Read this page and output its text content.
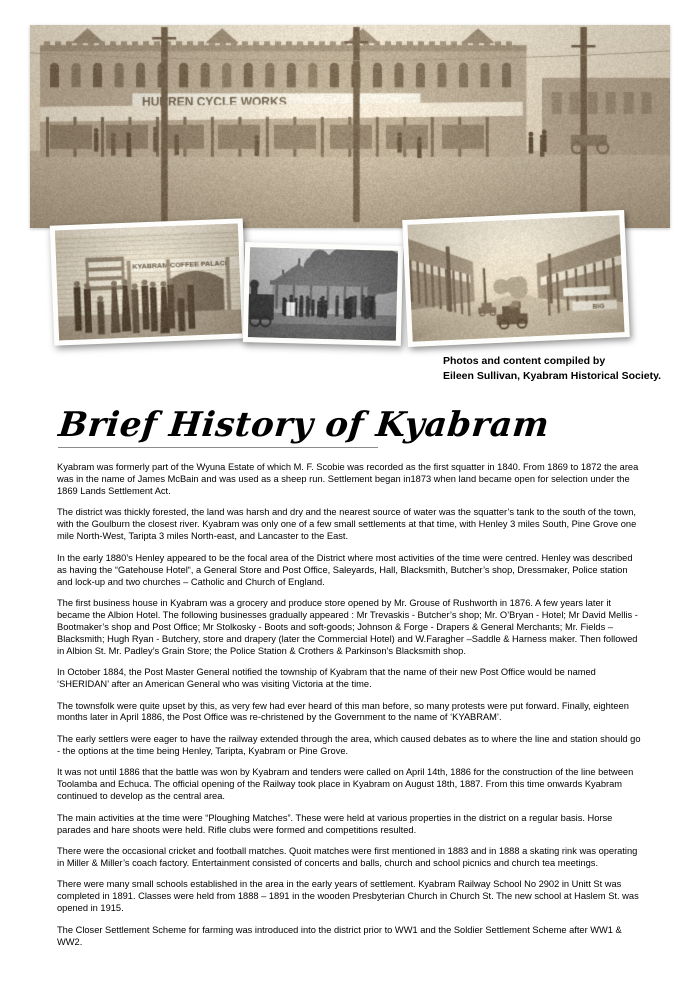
Photos and content compiled by
Eileen Sullivan, Kyabram Historical Society.
Brief History of Kyabram

Kyabram was formerly part of the Wyuna Estate of which M. F. Scobie was recorded as the first squatter in 1840. From 1869 to 1872 the area was in the name of James McBain and was used as a sheep run. Settlement began in1873 when land became open for selection under the 1869 Lands Settlement Act.

The district was thickly forested, the land was harsh and dry and the nearest source of water was the squatter’s tank to the south of the town, with the Goulburn the closest river. Kyabram was only one of a few small settlements at that time, with Henley 3 miles South, Pine Grove one mile North-West, Taripta 3 miles North-east, and Lancaster to the East.

In the early 1880’s Henley appeared to be the focal area of the District where most activities of the time were centred. Henley was described as having the “Gatehouse Hotel“, a General Store and Post Office, Saleyards, Hall, Blacksmith, Butcher’s shop, Dressmaker, Police station and lock-up and two churches – Catholic and Church of England.

The first business house in Kyabram was a grocery and produce store opened by Mr. Grouse of Rushworth in 1876. A few years later it became the Albion Hotel. The following businesses gradually appeared : Mr Trevaskis - Butcher’s shop; Mr. O’Bryan - Hotel; Mr David Mellis - Bootmaker’s shop and Post Office; Mr Stolkosky - Boots and soft-goods; Johnson & Forge - Drapers & General Merchants; Mr. Fields – Blacksmith; Hugh Ryan - Butchery, store and drapery (later the Commercial Hotel) and W.Faragher –Saddle & Harness maker. Then followed in Albion St. Mr. Padley’s Grain Store; the Police Station & Crothers & Parkinson’s Blacksmith shop.

In October 1884, the Post Master General notified the township of Kyabram that the name of their new Post Office would be named ‘SHERIDAN’ after an American General who was visiting Victoria at the time.

The townsfolk were quite upset by this, as very few had ever heard of this man before, so many protests were put forward. Finally, eighteen months later in April 1886, the Post Office was re-christened by the Government to the name of ‘KYABRAM’.

The early settlers were eager to have the railway extended through the area, which caused debates as to where the line and station should go - the options at the time being Henley, Taripta, Kyabram or Pine Grove.

It was not until 1886 that the battle was won by Kyabram and tenders were called on April 14th, 1886 for the construction of the line between Toolamba and Echuca. The official opening of the Railway took place in Kyabram on August 18th, 1887. From this time onwards Kyabram continued to develop as the central area.

The main activities at the time were “Ploughing Matches”. These were held at various properties in the district on a regular basis. Horse parades and hare shoots were held. Rifle clubs were formed and competitions resulted.

There were the occasional cricket and football matches. Quoit matches were first mentioned in 1883 and in 1888 a skating rink was operating in Miller & Miller’s coach factory. Entertainment consisted of concerts and balls, church and school picnics and church tea meetings.

There were many small schools established in the area in the early years of settlement. Kyabram Railway School No 2902 in Unitt St was completed in 1891. Classes were held from 1888 – 1891 in the wooden Presbyterian Church in Church St. The new school at Haslem St. was opened in 1915.

The Closer Settlement Scheme for farming was introduced into the district prior to WW1 and the Soldier Settlement Scheme after WW1 & WW2.
